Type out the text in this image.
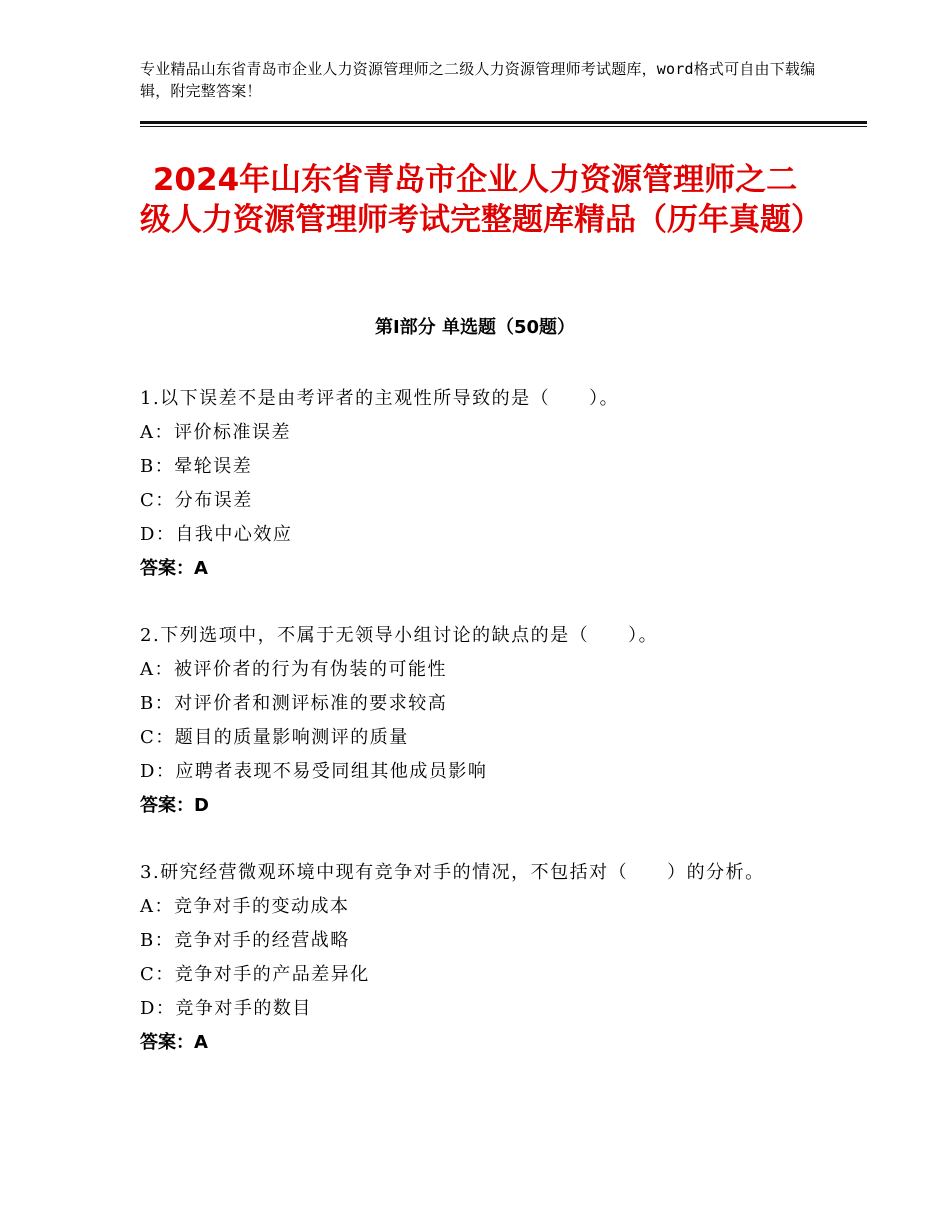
专业精品山东省青岛市企业人力资源管理师之二级人力资源管理师考试题库，word格式可自由下载编辑，附完整答案！
2024年山东省青岛市企业人力资源管理师之二级人力资源管理师考试完整题库精品（历年真题）
第Ⅰ部分 单选题（50题）
1.以下误差不是由考评者的主观性所导致的是（　　）。
A：评价标准误差
B：晕轮误差
C：分布误差
D：自我中心效应
答案：A
2.下列选项中，不属于无领导小组讨论的缺点的是（　　）。
A：被评价者的行为有伪装的可能性
B：对评价者和测评标准的要求较高
C：题目的质量影响测评的质量
D：应聘者表现不易受同组其他成员影响
答案：D
3.研究经营微观环境中现有竞争对手的情况，不包括对（　　）的分析。
A：竞争对手的变动成本
B：竞争对手的经营战略
C：竞争对手的产品差异化
D：竞争对手的数目
答案：A
